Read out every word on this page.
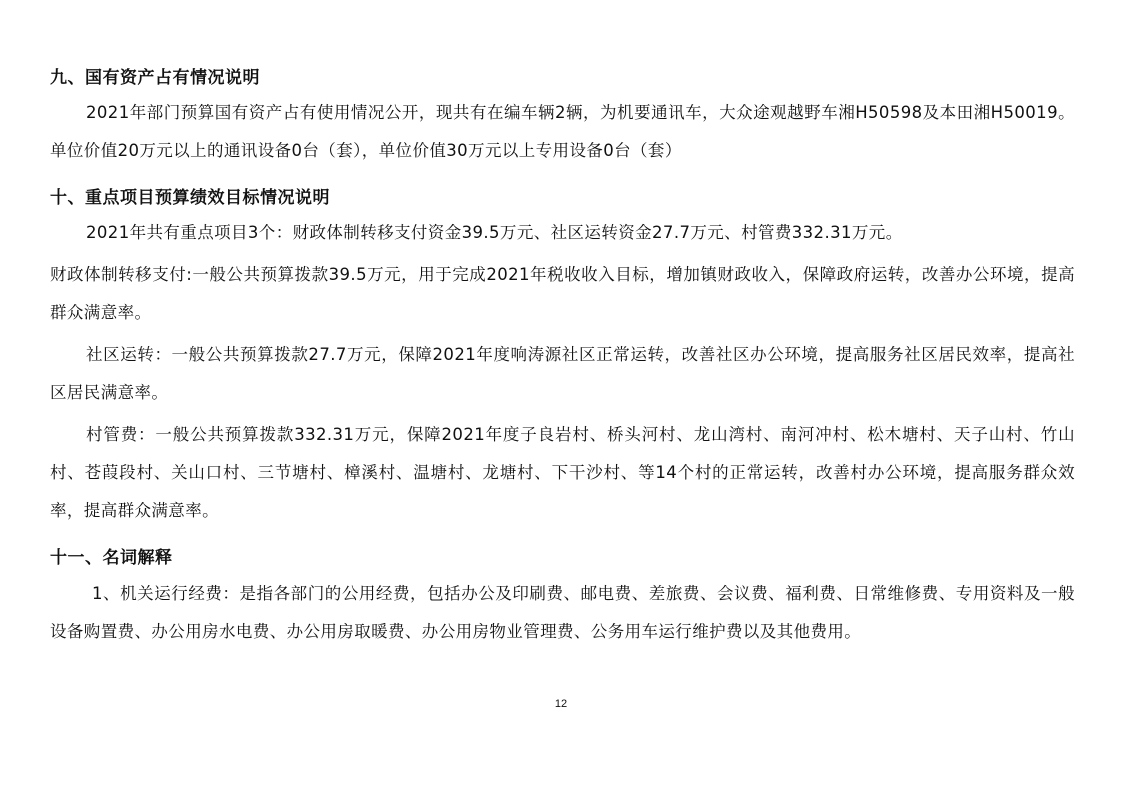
九、国有资产占有情况说明
2021年部门预算国有资产占有使用情况公开，现共有在编车辆2辆，为机要通讯车，大众途观越野车湘H50598及本田湘H50019。单位价值20万元以上的通讯设备0台（套），单位价值30万元以上专用设备0台（套）
十、重点项目预算绩效目标情况说明
2021年共有重点项目3个：财政体制转移支付资金39.5万元、社区运转资金27.7万元、村管费332.31万元。
财政体制转移支付:一般公共预算拨款39.5万元，用于完成2021年税收收入目标，增加镇财政收入，保障政府运转，改善办公环境，提高群众满意率。
社区运转：一般公共预算拨款27.7万元，保障2021年度响涛源社区正常运转，改善社区办公环境，提高服务社区居民效率，提高社区居民满意率。
村管费：一般公共预算拨款332.31万元，保障2021年度子良岩村、桥头河村、龙山湾村、南河冲村、松木塘村、天子山村、竹山村、苍葭段村、关山口村、三节塘村、樟溪村、温塘村、龙塘村、下干沙村、等14个村的正常运转，改善村办公环境，提高服务群众效率，提高群众满意率。
十一、名词解释
1、机关运行经费：是指各部门的公用经费，包括办公及印刷费、邮电费、差旅费、会议费、福利费、日常维修费、专用资料及一般设备购置费、办公用房水电费、办公用房取暖费、办公用房物业管理费、公务用车运行维护费以及其他费用。
12
